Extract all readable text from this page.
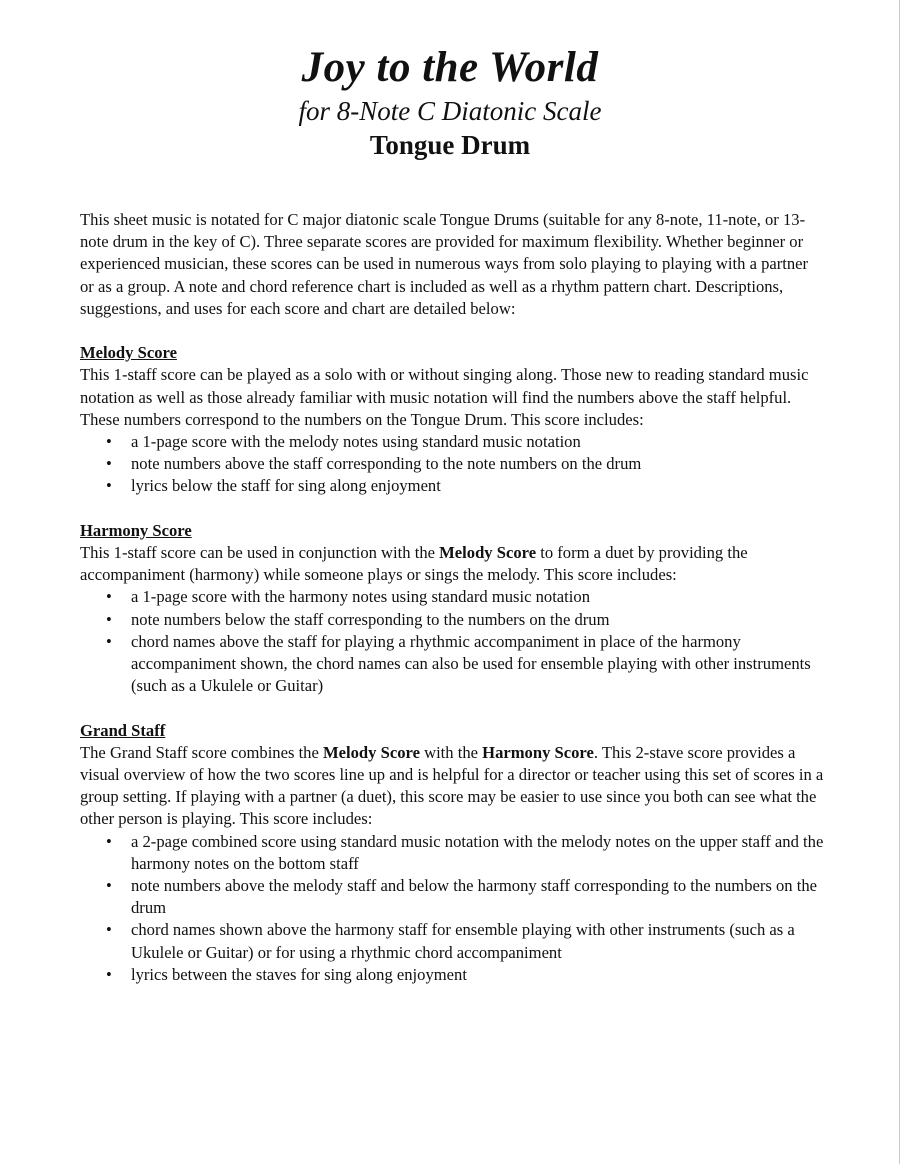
Joy to the World
for 8-Note C Diatonic Scale
Tongue Drum

This sheet music is notated for C major diatonic scale Tongue Drums (suitable for any 8-note, 11-note, or 13-note drum in the key of C). Three separate scores are provided for maximum flexibility. Whether beginner or experienced musician, these scores can be used in numerous ways from solo playing to playing with a partner or as a group. A note and chord reference chart is included as well as a rhythm pattern chart. Descriptions, suggestions, and uses for each score and chart are detailed below:

Melody Score

This 1-staff score can be played as a solo with or without singing along. Those new to reading standard music notation as well as those already familiar with music notation will find the numbers above the staff helpful. These numbers correspond to the numbers on the Tongue Drum. This score includes:

• a 1-page score with the melody notes using standard music notation
• note numbers above the staff corresponding to the note numbers on the drum
• lyrics below the staff for sing along enjoyment
Harmony Score

This 1-staff score can be used in conjunction with the Melody Score to form a duet by providing the accompaniment (harmony) while someone plays or sings the melody. This score includes:

• a 1-page score with the harmony notes using standard music notation
• note numbers below the staff corresponding to the numbers on the drum
• chord names above the staff for playing a rhythmic accompaniment in place of the harmony accompaniment shown, the chord names can also be used for ensemble playing with other instruments (such as a Ukulele or Guitar)
Grand Staff

The Grand Staff score combines the Melody Score with the Harmony Score. This 2-stave score provides a visual overview of how the two scores line up and is helpful for a director or teacher using this set of scores in a group setting. If playing with a partner (a duet), this score may be easier to use since you both can see what the other person is playing. This score includes:

• a 2-page combined score using standard music notation with the melody notes on the upper staff and the harmony notes on the bottom staff
• note numbers above the melody staff and below the harmony staff corresponding to the numbers on the drum
• chord names shown above the harmony staff for ensemble playing with other instruments (such as a Ukulele or Guitar) or for using a rhythmic chord accompaniment
• lyrics between the staves for sing along enjoyment
